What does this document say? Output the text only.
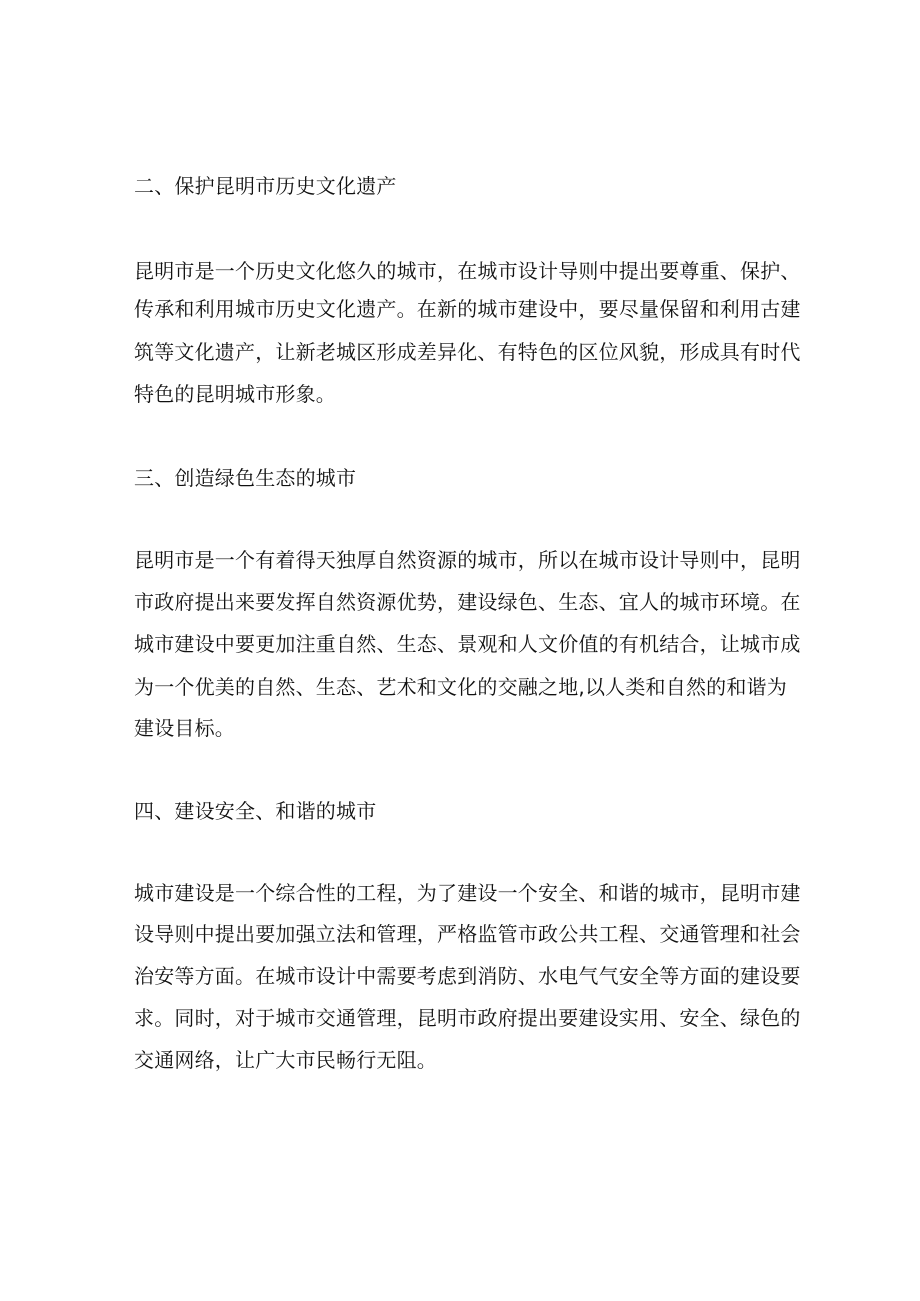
二、保护昆明市历史文化遗产
昆明市是一个历史文化悠久的城市，在城市设计导则中提出要尊重、保护、
传承和利用城市历史文化遗产。在新的城市建设中，要尽量保留和利用古建
筑等文化遗产，让新老城区形成差异化、有特色的区位风貌，形成具有时代
特色的昆明城市形象。
三、创造绿色生态的城市
昆明市是一个有着得天独厚自然资源的城市，所以在城市设计导则中，昆明
市政府提出来要发挥自然资源优势，建设绿色、生态、宜人的城市环境。在
城市建设中要更加注重自然、生态、景观和人文价值的有机结合，让城市成
为一个优美的自然、生态、艺术和文化的交融之地,以人类和自然的和谐为
建设目标。
四、建设安全、和谐的城市
城市建设是一个综合性的工程，为了建设一个安全、和谐的城市，昆明市建
设导则中提出要加强立法和管理，严格监管市政公共工程、交通管理和社会
治安等方面。在城市设计中需要考虑到消防、水电气气安全等方面的建设要
求。同时，对于城市交通管理，昆明市政府提出要建设实用、安全、绿色的
交通网络，让广大市民畅行无阻。
